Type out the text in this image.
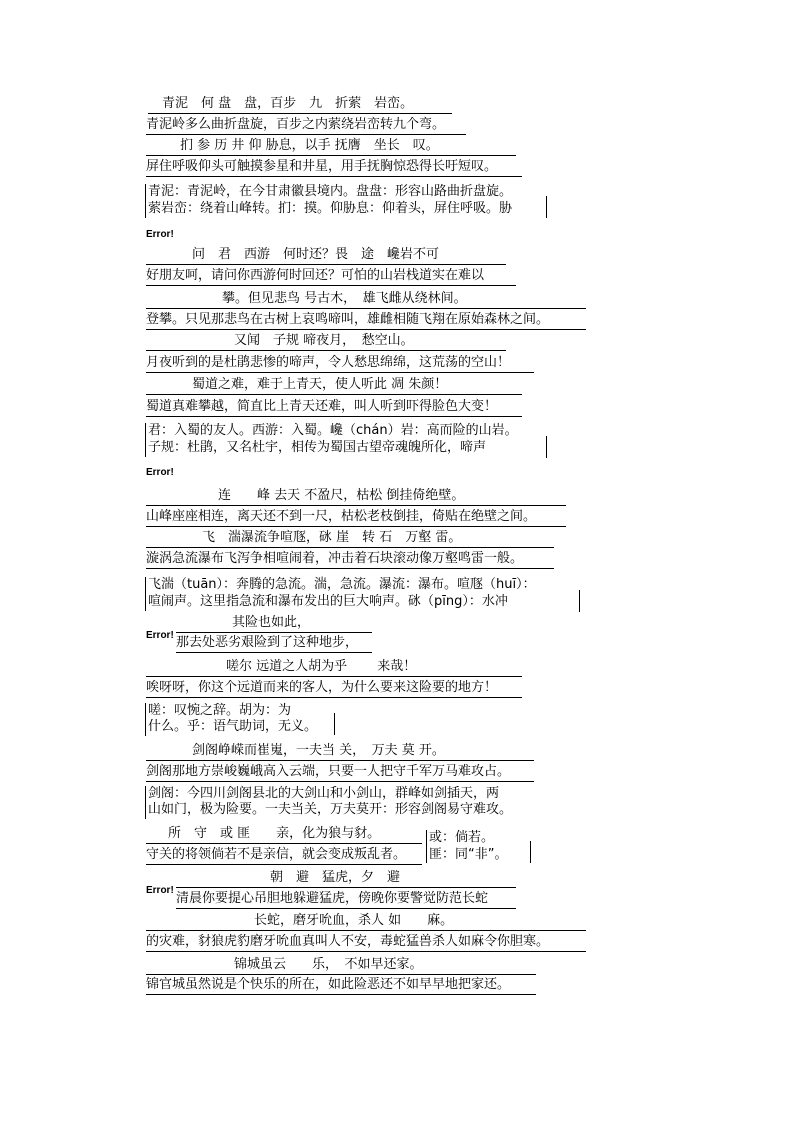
青泥　何 盘　盘，百步　九　折萦　岩峦。
青泥岭多么曲折盘旋，百步之内萦绕岩峦转九个弯。
扪 参 历 井 仰 胁息，以手 抚膺　坐长　叹。
屏住呼吸仰头可触摸参星和井星，用手抚胸惊恐得长吁短叹。
青泥：青泥岭，在今甘肃徽县境内。盘盘：形容山路曲折盘旋。
萦岩峦：绕着山峰转。扪：摸。仰胁息：仰着头，屏住呼吸。胁
Error!
问　君　西游　何时还？畏　途　巉岩不可
好朋友呵，请问你西游何时回还？可怕的山岩栈道实在难以
攀。但见悲鸟 号古木，　雄飞雌从绕林间。
登攀。只见那悲鸟在古树上哀鸣啼叫，雄雌相随飞翔在原始森林之间。
又闻　子规 啼夜月，　愁空山。
月夜听到的是杜鹃悲惨的啼声，令人愁思绵绵，这荒荡的空山！
蜀道之难，难于上青天，使人听此 凋 朱颜！
蜀道真难攀越，简直比上青天还难，叫人听到吓得脸色大变！
君：入蜀的友人。西游：入蜀。巉（chán）岩：高而险的山岩。
子规：杜鹃，又名杜宇，相传为蜀国古望帝魂魄所化，啼声
Error!
连　　峰 去天 不盈尺，枯松 倒挂倚绝壁。
山峰座座相连，离天还不到一尺，枯松老枝倒挂，倚贴在绝壁之间。
飞　湍瀑流争喧豗，砯 崖　转 石　万壑 雷。
漩涡急流瀑布飞泻争相喧闹着，冲击着石块滚动像万壑鸣雷一般。
飞湍（tuān）：奔腾的急流。湍，急流。瀑流：瀑布。喧豗（huī）：
喧闹声。这里指急流和瀑布发出的巨大响声。砯（pīng）：水冲
其险也如此，
Error! 那去处恶劣艰险到了这种地步，
嗟尔 远道之人胡为乎　　 来哉！
唉呀呀，你这个远道而来的客人，为什么要来这险要的地方！
嗟：叹惋之辞。胡为：为
什么。乎：语气助词，无义。
剑阁峥嵘而崔嵬，一夫当 关，　万夫 莫 开。
剑阁那地方崇峻巍峨高入云端，只要一人把守千军万马难攻占。
剑阁：今四川剑阁县北的大剑山和小剑山，群峰如剑插天，两
山如门，极为险要。一夫当关，万夫莫开：形容剑阁易守难攻。
所　守　或 匪　　亲，化为狼与豺。
守关的将领倘若不是亲信，就会变成叛乱者。
或：倘若。
匪：同“非”。
朝　避　猛虎，夕　避
Error!
清晨你要提心吊胆地躲避猛虎，傍晚你要警觉防范长蛇
长蛇，磨牙吮血，杀人 如　　麻。
的灾难，豺狼虎豹磨牙吮血真叫人不安，毒蛇猛兽杀人如麻令你胆寒。
锦城虽云　　乐，　不如早还家。
锦官城虽然说是个快乐的所在，如此险恶还不如早早地把家还。
